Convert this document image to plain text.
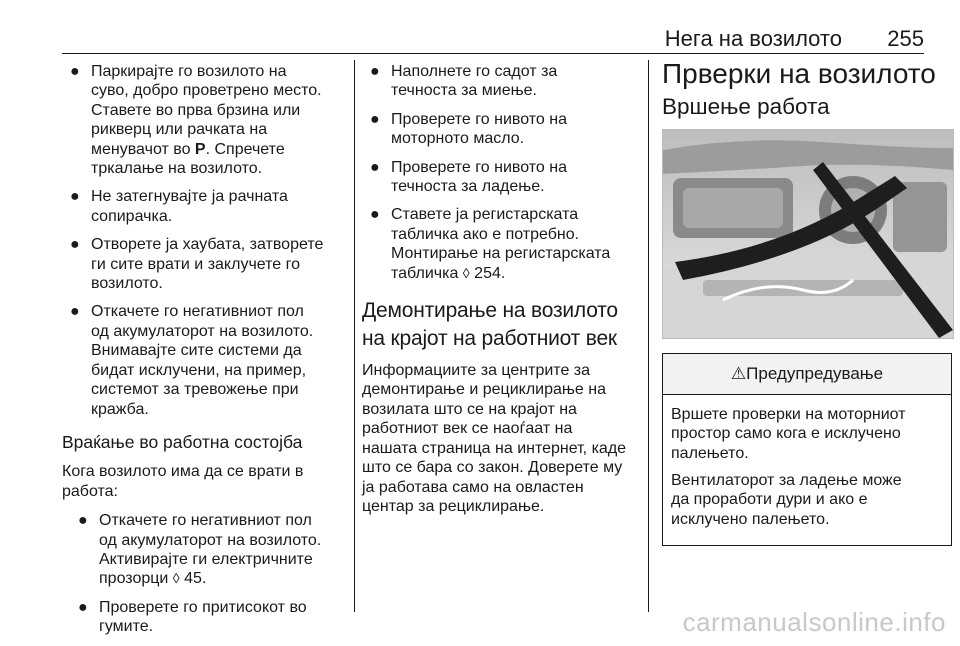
Нега на возилото 255
● Паркирајте го возилото на
суво, добро проветрено место.
Ставете во прва брзина или
рикверц или рачката на
менувачот во P. Спречете
тркалање на возилото.
● Не затегнувајте ја рачната
сопирачка.
● Отворете ја хаубата, затворете
ги сите врати и заклучете го
возилото.
● Откачете го негативниот пол
од акумулаторот на возилото.
Внимавајте сите системи да
бидат исклучени, на пример,
системот за тревожење при
кражба.
Враќање во работна состојба

Кога возилото има да се врати в
работа:

● Откачете го негативниот пол
од акумулаторот на возилото.
Активирајте ги електричните
прозорци ◊ 45.
● Проверете го притисокот во
гумите.
● Наполнете го садот за
течноста за миење.
● Проверете го нивото на
моторното масло.
● Проверете го нивото на
течноста за ладење.
● Ставете ја регистарската
табличка ако е потребно.
Монтирање на регистарската
табличка ◊ 254.
Демонтирање на возилото
на крајот на работниот век

Информациите за центрите за
демонтирање и рециклирање на
возилата што се на крајот на
работниот век се наоѓаат на
нашата страница на интернет, каде
што се бара со закон. Доверете му
ја работава само на овластен
центар за рециклирање.

Прверки на возилото
Вршење работа
⚠Предупредување

Вршете проверки на моторниот
простор само кога е исклучено
палењето.

Вентилаторот за ладење може
да проработи дури и ако е
исклучено палењето.

carmanualsonline.info
